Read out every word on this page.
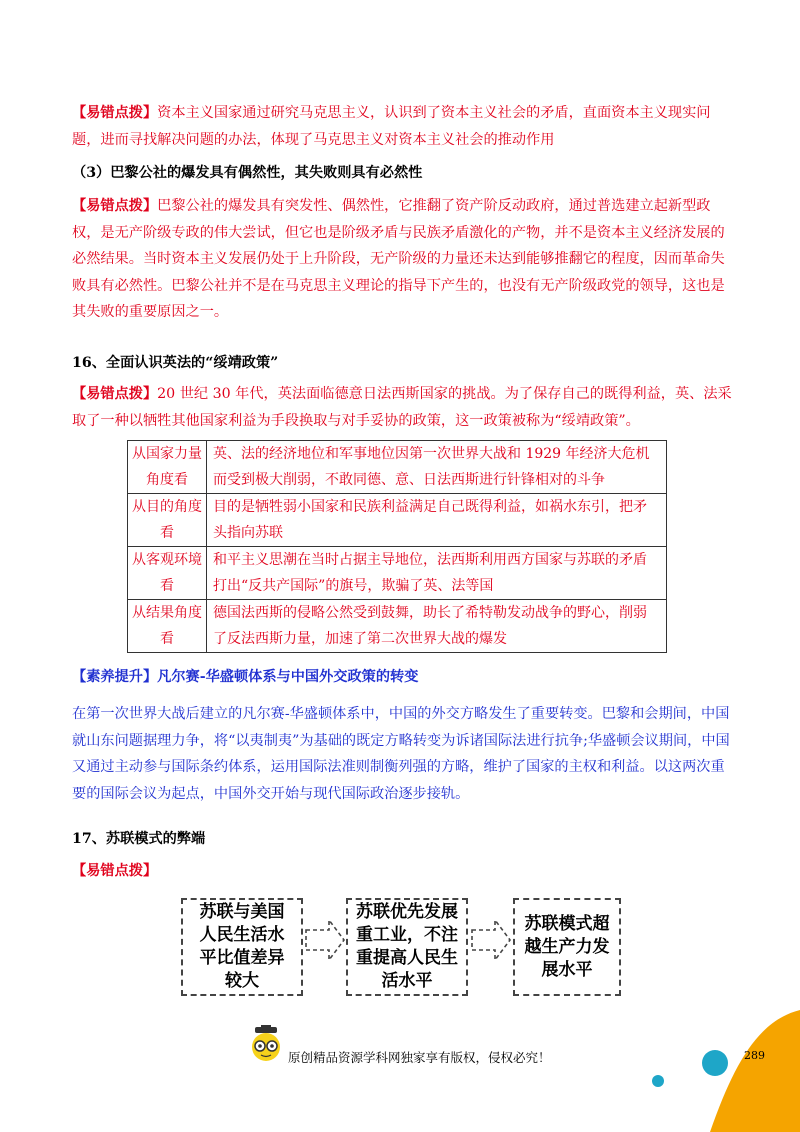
【易错点拨】资本主义国家通过研究马克思主义，认识到了资本主义社会的矛盾，直面资本主义现实问题，进而寻找解决问题的办法，体现了马克思主义对资本主义社会的推动作用
（3）巴黎公社的爆发具有偶然性，其失败则具有必然性
【易错点拨】巴黎公社的爆发具有突发性、偶然性，它推翻了资产阶反动政府，通过普选建立起新型政权，是无产阶级专政的伟大尝试，但它也是阶级矛盾与民族矛盾激化的产物，并不是资本主义经济发展的必然结果。当时资本主义发展仍处于上升阶段，无产阶级的力量还未达到能够推翻它的程度，因而革命失败具有必然性。巴黎公社并不是在马克思主义理论的指导下产生的，也没有无产阶级政党的领导，这也是其失败的重要原因之一。
16、全面认识英法的“绥靖政策”
【易错点拨】20 世纪 30 年代，英法面临德意日法西斯国家的挑战。为了保存自己的既得利益，英、法采取了一种以牺牲其他国家利益为手段换取与对手妥协的政策，这一政策被称为“绥靖政策”。
从国家力量角度看	英、法的经济地位和军事地位因第一次世界大战和 1929 年经济大危机而受到极大削弱，不敢同德、意、日法西斯进行针锋相对的斗争
从目的角度看	目的是牺牲弱小国家和民族利益满足自己既得利益，如祸水东引，把矛头指向苏联
从客观环境看	和平主义思潮在当时占据主导地位，法西斯利用西方国家与苏联的矛盾打出“反共产国际”的旗号，欺骗了英、法等国
从结果角度看	德国法西斯的侵略公然受到鼓舞，助长了希特勒发动战争的野心，削弱了反法西斯力量，加速了第二次世界大战的爆发
【素养提升】凡尔赛-华盛顿体系与中国外交政策的转变
在第一次世界大战后建立的凡尔赛-华盛顿体系中，中国的外交方略发生了重要转变。巴黎和会期间，中国就山东问题据理力争，将“以夷制夷”为基础的既定方略转变为诉诸国际法进行抗争;华盛顿会议期间，中国又通过主动参与国际条约体系，运用国际法准则制衡列强的方略，维护了国家的主权和利益。以这两次重要的国际会议为起点，中国外交开始与现代国际政治逐步接轨。
17、苏联模式的弊端
【易错点拨】
苏联与美国
人民生活水
平比值差异
较大
苏联优先发展
重工业，不注
重提高人民生
活水平
苏联模式超
越生产力发
展水平
原创精品资源学科网独家享有版权，侵权必究！	289
